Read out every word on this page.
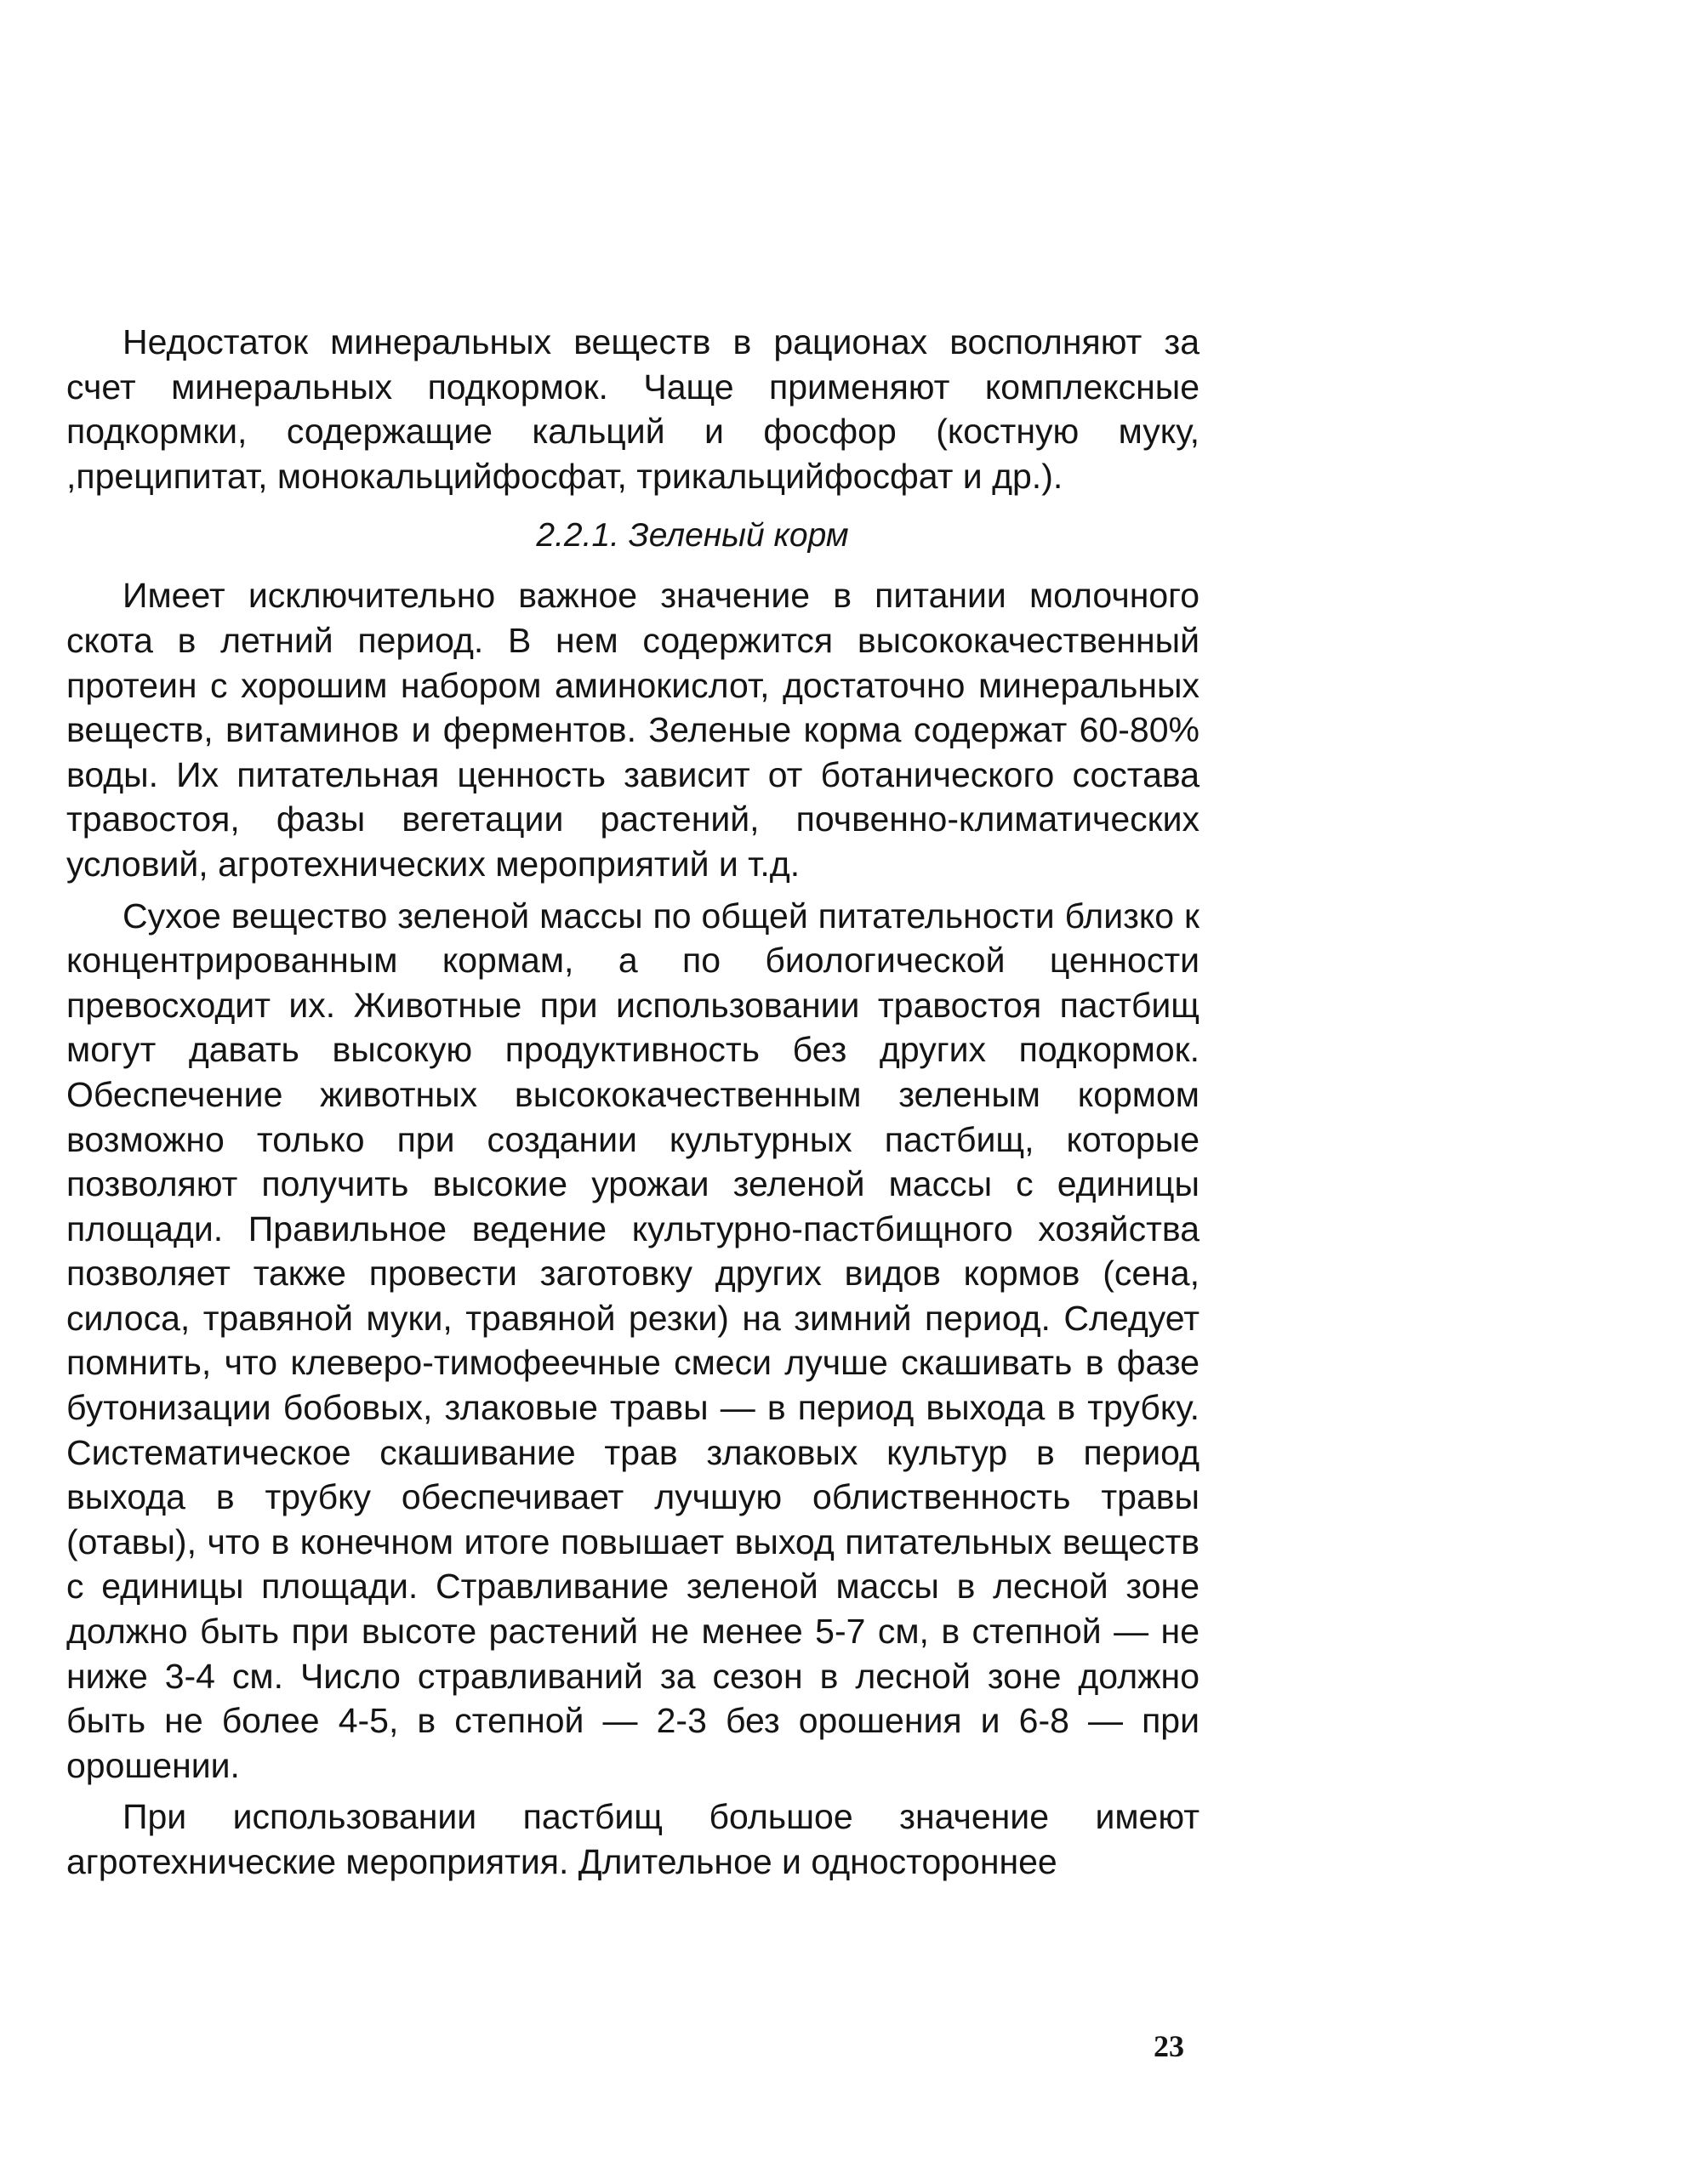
Недостаток минеральных веществ в рационах восполняют за счет минеральных подкормок. Чаще применяют комплексные подкормки, содержащие кальций и фосфор (костную муку, ,преципитат, монокальцийфосфат, трикальцийфосфат и др.).

2.2.1. Зеленый корм

Имеет исключительно важное значение в питании молочного скота в летний период. В нем содержится высококачественный протеин с хорошим набором аминокислот, достаточно минеральных веществ, витаминов и ферментов. Зеленые корма содержат 60-80% воды. Их питательная ценность зависит от ботанического состава травостоя, фазы вегетации растений, почвенно-климатических условий, агротехнических мероприятий и т.д.

Сухое вещество зеленой массы по общей питательности близко к концентрированным кормам, а по биологической ценности превосходит их. Животные при использовании травостоя пастбищ могут давать высокую продуктивность без других подкормок. Обеспечение животных высококачественным зеленым кормом возможно только при создании культурных пастбищ, которые позволяют получить высокие урожаи зеленой массы с единицы площади. Правильное ведение культурно-пастбищного хозяйства позволяет также провести заготовку других видов кормов (сена, силоса, травяной муки, травяной резки) на зимний период. Следует помнить, что клеверо-тимофеечные смеси лучше скашивать в фазе бутонизации бобовых, злаковые травы — в период выхода в трубку. Систематическое скашивание трав злаковых культур в период выхода в трубку обеспечивает лучшую облиственность травы (отавы), что в конечном итоге повышает выход питательных веществ с единицы площади. Стравливание зеленой массы в лесной зоне должно быть при высоте растений не менее 5-7 см, в степной — не ниже 3-4 см. Число стравливаний за сезон в лесной зоне должно быть не более 4-5, в степной — 2-3 без орошения и 6-8 — при орошении.

При использовании пастбищ большое значение имеют агротехнические мероприятия. Длительное и одностороннее

23
